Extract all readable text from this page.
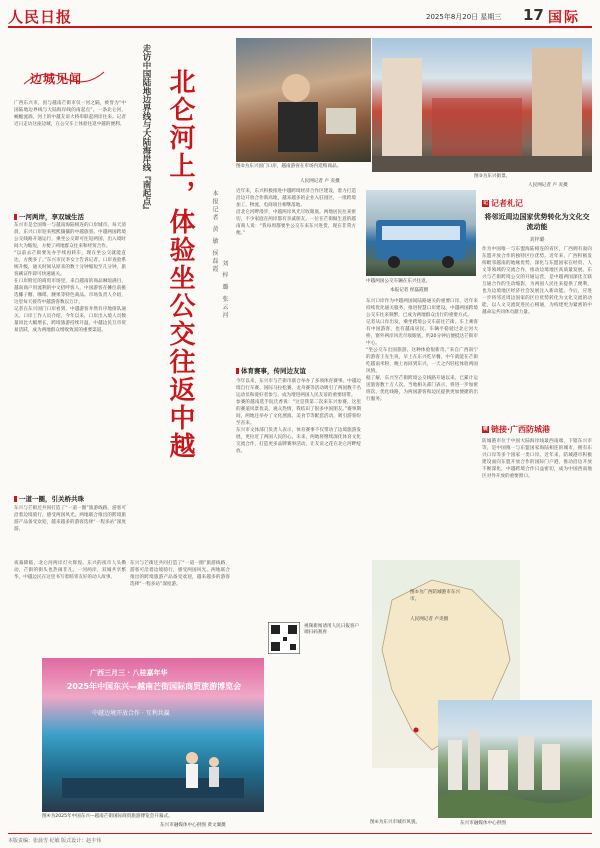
人民日报	2025年8月20日 星期三 17 国际
边城见闻
广西东兴市，因与越南芒街市仅一河之隔，被誉为“中国陆地边界线与大陆海岸线的南起点”。一条北仑河，蜿蜒流淌，河上的中越友谊大桥串联起两岸往来。记者近日走访这座边城，在公交车上体验往返中越的便利。
一河两岸，享双城生活

东兴市是全国唯一与越南海陆相连的口岸城市。每天清晨，东兴口岸迎来熙熙攘攘的中越旅客。中越两国跨境公交线路开通运行，乘坐公交即可往返两国，出入境时间大为缩短，方便了两地群众往来和经贸合作。

“以前去芒街要先办手续再转车，现在坐公交就能直达，方便多了。”东兴市民李女士告诉记者。口岸查验系统升级，通关时间从原来的数十分钟缩短至几分钟，旅客刷证件即可快速通关。

在口岸附近的商贸市场里，来自越南的商品琳琅满目，越南商户用流利的中文招呼客人，中国游客在摊位前挑选椰子糖、咖啡、腰果等特色商品。市场负责人介绍，这里每天接待中越游客数以万计。

记者在东兴国门口岸看到，中越游客井然有序地排队通关。口岸工作人员介绍，今年以来，口岸出入境人员数量同比大幅增长，跨境旅游持续升温，中越边民互市贸易活跃，成为两地群众增收致富的重要渠道。

一道一圈，引关桥共珠

东兴与芒街还共同打造了“一道一圈”旅游线路，游客可沿着边境骑行，感受两国风光。两地联合推出的跨境旅游产品备受欢迎，越来越多的游客选择“一程多站”深度游。

走访中国陆地边界线与大陆海岸线『南起点』 北仑河上，体验坐公交往返中越	本报记者 黄 敏 侯磊霞
刘 梓 璐 张云河
图②为东兴国门口岸，越南游客在市场内选购商品。
人民网记者 卢 炎摄
图③为东兴街景。
人民网记者 卢 炎摄

近年来，东兴积极推进中越跨境经济合作区建设，着力打造沿边开放合作新高地，越来越多的企业入驻园区，一批跨境加工、物流、电商项目相继落地。

沿北仑河畔漫步，中越两岸风光尽收眼底。两地居民往来密切，不少家庭在两岸都有亲戚朋友。一位在芒街做生意的越南商人说：“我每周都要坐公交车来东兴进货，现在非常方便。”

中越两国公交车辆在东兴往返。
本报记者 侯磊霞摄
体育赛事，传同边友谊

今年以来，东兴市与芒街市联合举办了多项体育赛事。中越边境自行车赛、国际马拉松赛、龙舟赛等活动吸引了两国数千名运动员和爱好者参与，成为增进两国人民友谊的重要纽带。

参赛的越南选手阮氏香说：“这是我第二次来东兴参赛，这里的赛道风景优美，观众热情，我结识了很多中国朋友。”赛事期间，两地还举办了文化展演、美食节等配套活动，吸引游客纷至沓来。

东兴市文体部门负责人表示，体育赛事不仅带动了边境旅游发展，更拉近了两国人民的心。未来，两地将继续深化体育文化交流合作，打造更多品牌赛事活动，让友谊之花在北仑河畔绽放。

东兴口岸作为中越两国间陆路通关的重要口岸，近年来持续优化通关服务，推进智慧口岸建设。中越两国跨境公交车往来频繁，已成为两地群众出行的重要方式。

记者从口岸出发，乘坐跨境公交车前往芒街。车上乘客有中国游客，也有越南居民。车辆平稳驶过北仑河大桥，窗外两岸风光尽收眼底，约20分钟后便抵达芒街市中心。

“坐公交车出国旅游，这种体验很新奇。”来自广西南宁的游客王先生说，早上在东兴吃早餐，中午就能在芒街吃越南米粉，晚上再回到东兴，一天之内轻松体验两国风情。

据了解，东兴至芒街跨境公交线路开通以来，已累计运送旅客数十万人次。当地相关部门表示，将进一步加密班次、优化线路，为两国游客和边民提供更加便捷的出行服务。

广西三月三 · 八桂嘉年华
2025年中国东兴—越南芒街国际商贸旅游博览会
中越边境开放合作 · 互利共赢
图④为2025年中国东兴—越南芒街国际商贸旅游博览会开幕式。
东兴市融媒体中心供图 黄文翼摄

夜幕降临，北仑河两岸灯火辉煌。东兴的夜市人头攒动，芒街的街头也热闹非凡。一河两岸，双城共享繁华，中越边民在这里书写着睦邻友好的动人故事。

东兴与芒街还共同打造了“一道一圈”旅游线路，游客可沿着边境骑行，感受两国风光。两地联合推出的跨境旅游产品备受欢迎，越来越多的游客选择“一程多站”深度游。

视频新闻请用人民日报客户端扫码观看
图⑤为广西防城港市东兴市。
人民网记者 卢炎摄
图⑥为东兴市城市风貌。	东兴市融媒体中心供图
记 记者札记
将邻近周边国家优势转化为文化交流动能
刘梓璐
作为中国唯一与东盟海陆相连的省区，广西拥有面向东盟开放合作的独特区位优势。近年来，广西积极发挥毗邻越南的地缘优势，深化与东盟国家在经贸、人文等领域的交流合作，推动边境地区高质量发展。东兴与芒街跨境公交的开通运营，是中越两国深化互联互通合作的生动缩影，为两国人民往来提供了便利，也为边境地区经济社会发展注入新动能。今后，应进一步将邻近周边国家的区位优势转化为文化交流的动能，以人文交流促进民心相通，为构建更为紧密的中越命运共同体贡献力量。
链 链接·广西防城港
防城港市位于中国大陆海岸线最西南端，下辖东兴市等，是中国唯一与东盟国家海陆相连的城市，拥有东兴口岸等多个国家一类口岸。近年来，防城港市积极建设面向东盟开放合作的国际门户港，推动沿边开放不断深化，中越跨境合作日益密切，成为中国西南地区对外开放的重要窗口。
本版责编：张晨雪 纪敏 版式设计：赵丰伟
